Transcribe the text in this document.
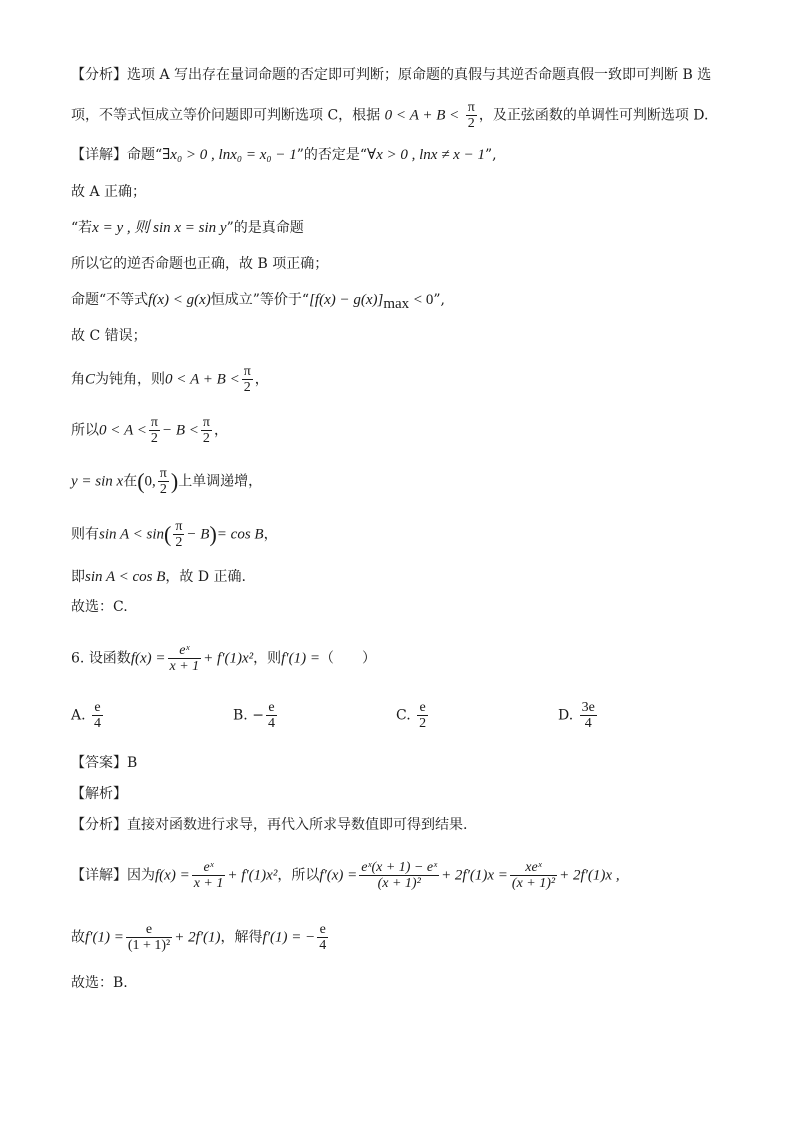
【分析】选项 A 写出存在量词命题的否定即可判断；原命题的真假与其逆否命题真假一致即可判断 B 选
项，不等式恒成立等价问题即可判断选项 C，根据 $0 < A + B < \frac{\pi}{2}$ ，及正弦函数的单调性可判断选项 D.
【详解】命题“∃x₀ > 0 , lnx₀ = x₀ − 1”的否定是“∀x > 0 , lnx ≠ x − 1”,
故 A 正确；
“若x = y , 则 sin x = sin y”的是真命题
所以它的逆否命题也正确，故 B 项正确；
命题“不等式f(x) < g(x)恒成立”等价于“$[f(x) - g(x)]_{max} < 0$”,
故 C 错误；
角C为钝角，则$0 < A + B < \frac{\pi}{2}$ ，
所以$0 < A < \frac{\pi}{2} - B < \frac{\pi}{2}$ ，
y = sin x在(0, $\frac{\pi}{2}$ )上单调递增，
则有$\sin A < \sin( \frac{\pi}{2} - B)= \cos B$，
即sin A < cos B，故 D 正确.
故选：C.
6. 设函数$f(x) = \frac{\text{eˣ}}{x + 1} + f'(1)x^2$，则f′(1) =（　　）
A. $\frac{e}{4}$	B. − $\frac{e}{4}$	C. $\frac{e}{2}$	D. $\frac{3e}{4}$
【答案】B
【解析】
【分析】直接对函数进行求导，再代入所求导数值即可得到结果.
【详解】因为$f(x) = \frac{\text{eˣ}}{x + 1} + f'(1)x^2$，所以$f'(x) = \frac{\text{eˣ(x + 1) − eˣ}}{\text{(x + 1)²}} + 2f'(1)x = \frac{\text{xeˣ}}{\text{(x + 1)²}} + 2f'(1)x$ ,
故$f'(1) = \frac{e}{\text{(1 + 1)²}} + 2f'(1)$，解得f′(1) = − $\frac{e}{4}$
故选：B.
